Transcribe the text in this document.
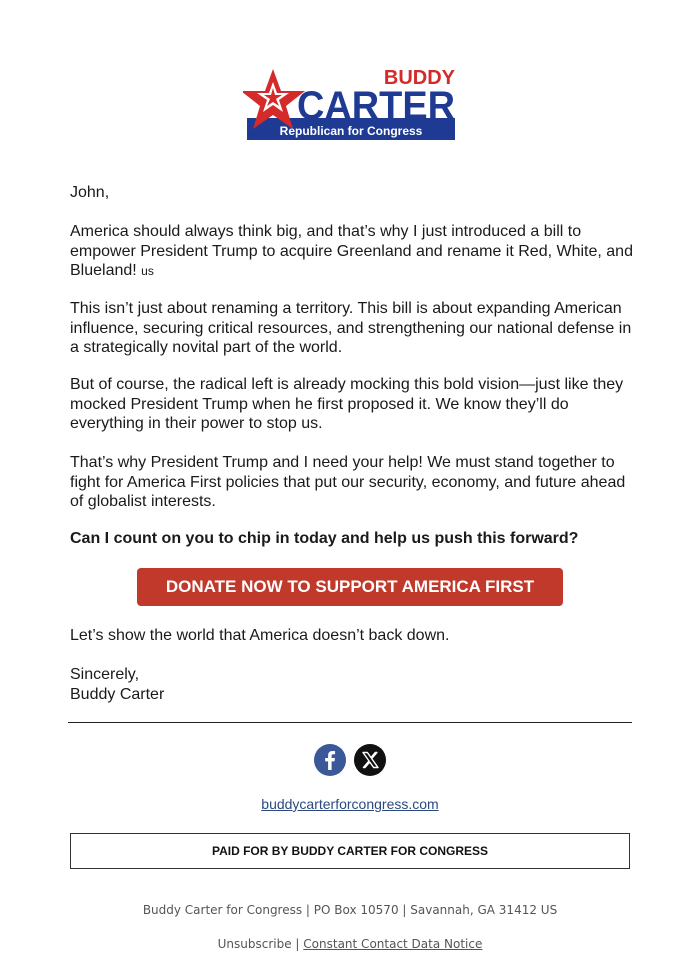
BUDDY
CARTER
Republican for Congress

John,

America should always think big, and that’s why I just introduced a bill to empower President Trump to acquire Greenland and rename it Red, White, and Blueland! us

This isn’t just about renaming a territory. This bill is about expanding American influence, securing critical resources, and strengthening our national defense in a strategically novital part of the world.

But of course, the radical left is already mocking this bold vision—just like they mocked President Trump when he first proposed it. We know they’ll do everything in their power to stop us.

That’s why President Trump and I need your help! We must stand together to fight for America First policies that put our security, economy, and future ahead of globalist interests.

Can I count on you to chip in today and help us push this forward?

DONATE NOW TO SUPPORT AMERICA FIRST

Let’s show the world that America doesn’t back down.

Sincerely,
Buddy Carter
buddycarterforcongress.com
PAID FOR BY BUDDY CARTER FOR CONGRESS
Buddy Carter for Congress | PO Box 10570 | Savannah, GA 31412 US
Unsubscribe | Constant Contact Data Notice
